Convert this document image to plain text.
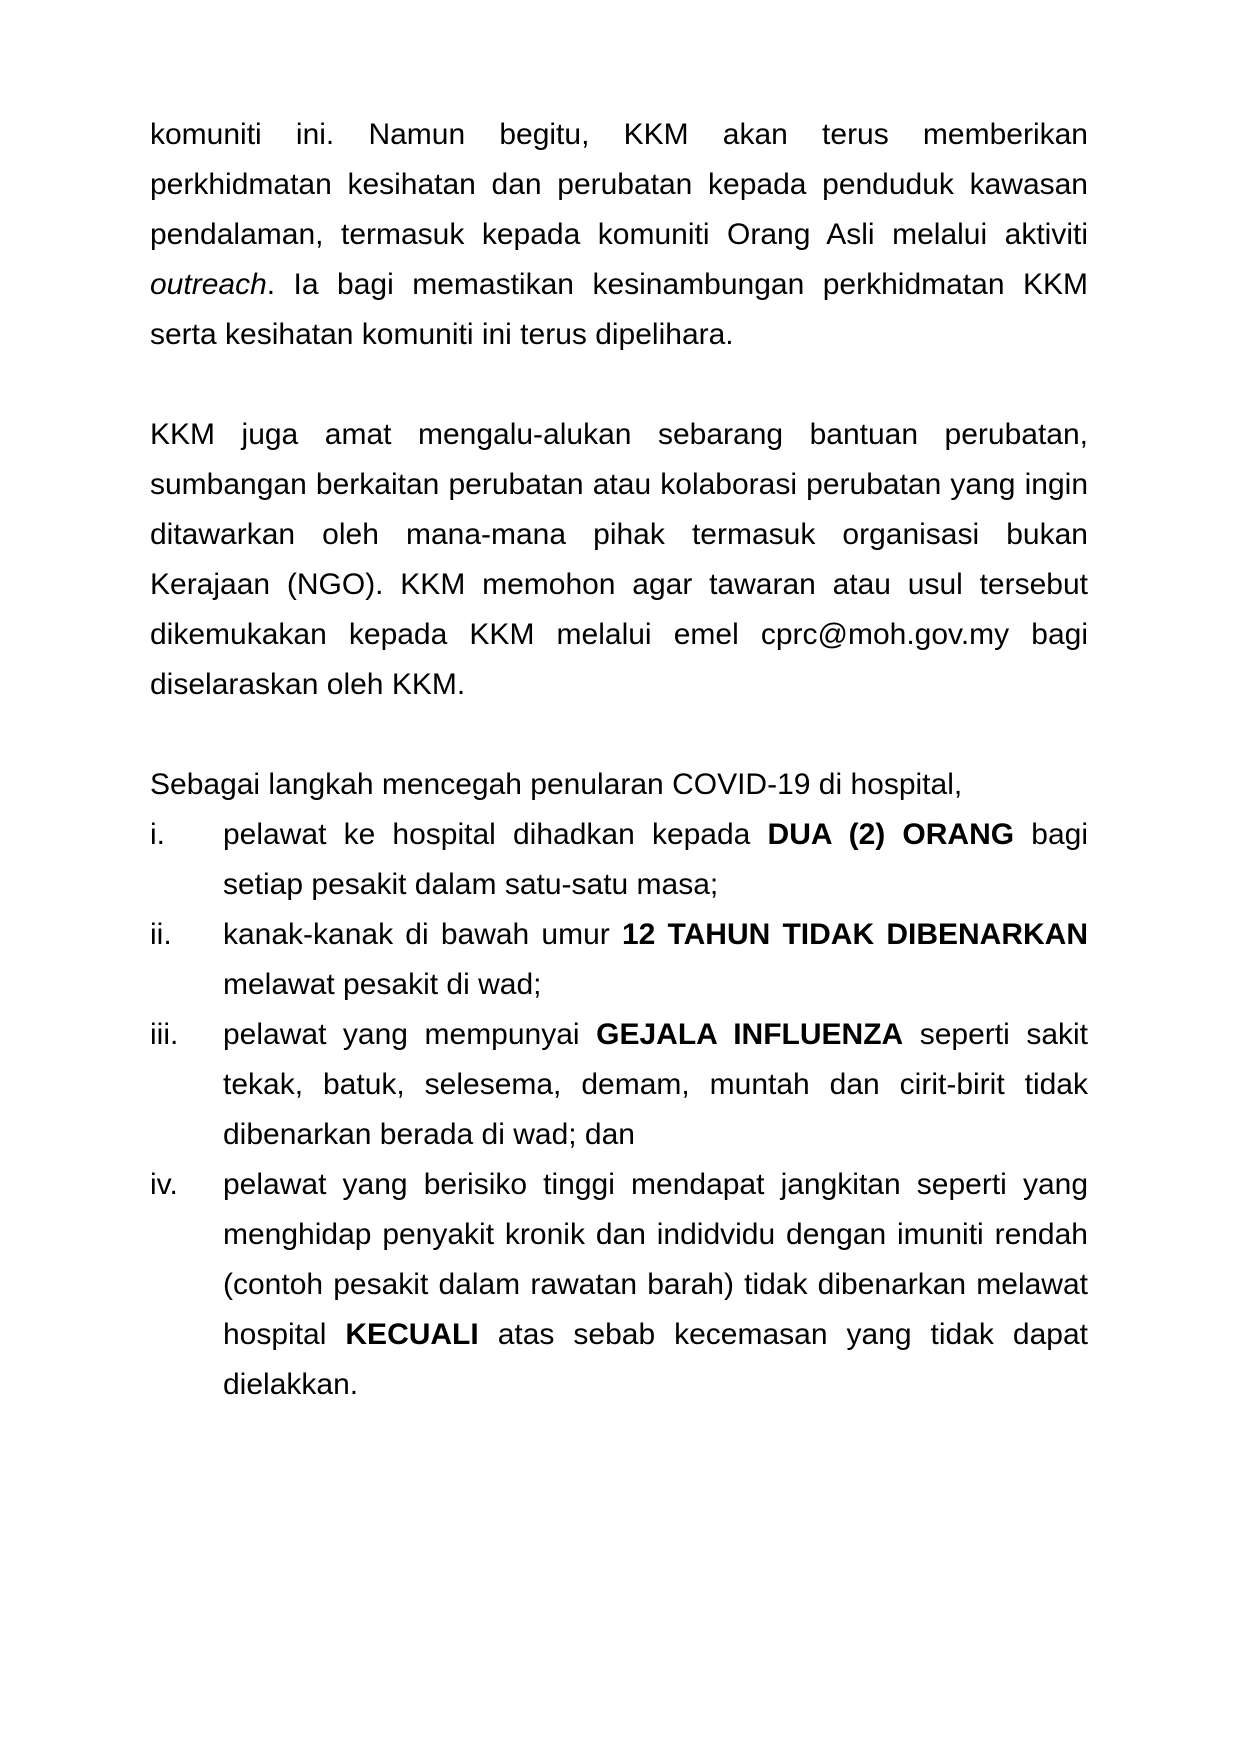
komuniti ini. Namun begitu, KKM akan terus memberikan perkhidmatan kesihatan dan perubatan kepada penduduk kawasan pendalaman, termasuk kepada komuniti Orang Asli melalui aktiviti outreach. Ia bagi memastikan kesinambungan perkhidmatan KKM serta kesihatan komuniti ini terus dipelihara.

KKM juga amat mengalu-alukan sebarang bantuan perubatan, sumbangan berkaitan perubatan atau kolaborasi perubatan yang ingin ditawarkan oleh mana-mana pihak termasuk organisasi bukan Kerajaan (NGO). KKM memohon agar tawaran atau usul tersebut dikemukakan kepada KKM melalui emel cprc@moh.gov.my bagi diselaraskan oleh KKM.

Sebagai langkah mencegah penularan COVID-19 di hospital,

i. pelawat ke hospital dihadkan kepada DUA (2) ORANG bagi setiap pesakit dalam satu-satu masa;
ii. kanak-kanak di bawah umur 12 TAHUN TIDAK DIBENARKAN melawat pesakit di wad;
iii. pelawat yang mempunyai GEJALA INFLUENZA seperti sakit tekak, batuk, selesema, demam, muntah dan cirit-birit tidak dibenarkan berada di wad; dan
iv. pelawat yang berisiko tinggi mendapat jangkitan seperti yang menghidap penyakit kronik dan indidvidu dengan imuniti rendah (contoh pesakit dalam rawatan barah) tidak dibenarkan melawat hospital KECUALI atas sebab kecemasan yang tidak dapat dielakkan.
